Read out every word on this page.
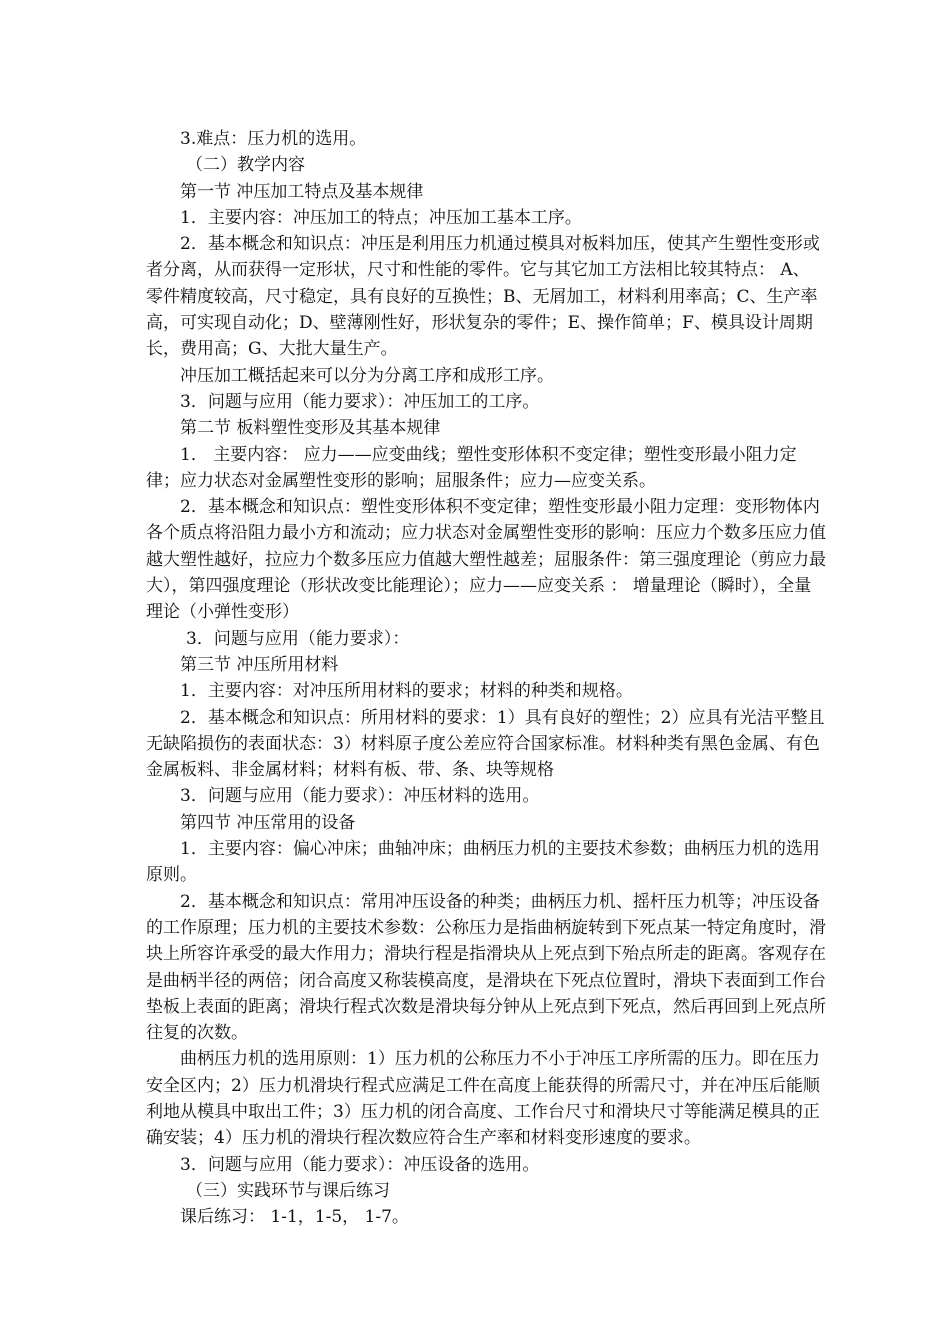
3.难点：压力机的选用。

（二）教学内容

第一节 冲压加工特点及基本规律

1．主要内容：冲压加工的特点；冲压加工基本工序。

2．基本概念和知识点：冲压是利用压力机通过模具对板料加压，使其产生塑性变形或者分离，从而获得一定形状，尺寸和性能的零件。它与其它加工方法相比较其特点： A、零件精度较高，尺寸稳定，具有良好的互换性；B、无屑加工，材料利用率高；C、生产率高，可实现自动化；D、壁薄刚性好，形状复杂的零件；E、操作简单；F、模具设计周期长，费用高；G、大批大量生产。

冲压加工概括起来可以分为分离工序和成形工序。

3．问题与应用（能力要求）：冲压加工的工序。

第二节 板料塑性变形及其基本规律

1． 主要内容： 应力——应变曲线；塑性变形体积不变定律；塑性变形最小阻力定律；应力状态对金属塑性变形的影响；屈服条件；应力—应变关系。

2．基本概念和知识点：塑性变形体积不变定律；塑性变形最小阻力定理：变形物体内各个质点将沿阻力最小方和流动；应力状态对金属塑性变形的影响：压应力个数多压应力值越大塑性越好，拉应力个数多压应力值越大塑性越差；屈服条件：第三强度理论（剪应力最大），第四强度理论（形状改变比能理论）；应力——应变关系 ： 增量理论（瞬时），全量理论（小弹性变形）

3．问题与应用（能力要求）：

第三节 冲压所用材料

1．主要内容：对冲压所用材料的要求；材料的种类和规格。

2．基本概念和知识点：所用材料的要求：1）具有良好的塑性；2）应具有光洁平整且无缺陷损伤的表面状态：3）材料原子度公差应符合国家标准。材料种类有黑色金属、有色金属板料、非金属材料；材料有板、带、条、块等规格

3．问题与应用（能力要求）：冲压材料的选用。

第四节 冲压常用的设备

1．主要内容：偏心冲床；曲轴冲床；曲柄压力机的主要技术参数；曲柄压力机的选用原则。

2．基本概念和知识点：常用冲压设备的种类；曲柄压力机、摇杆压力机等；冲压设备的工作原理；压力机的主要技术参数：公称压力是指曲柄旋转到下死点某一特定角度时，滑块上所容许承受的最大作用力；滑块行程是指滑块从上死点到下殆点所走的距离。客观存在是曲柄半径的两倍；闭合高度又称装模高度，是滑块在下死点位置时，滑块下表面到工作台垫板上表面的距离；滑块行程式次数是滑块每分钟从上死点到下死点，然后再回到上死点所往复的次数。

曲柄压力机的选用原则：1）压力机的公称压力不小于冲压工序所需的压力。即在压力安全区内；2）压力机滑块行程式应满足工件在高度上能获得的所需尺寸，并在冲压后能顺利地从模具中取出工件；3）压力机的闭合高度、工作台尺寸和滑块尺寸等能满足模具的正确安装；4）压力机的滑块行程次数应符合生产率和材料变形速度的要求。

3．问题与应用（能力要求）：冲压设备的选用。

（三）实践环节与课后练习

课后练习： 1-1，1-5， 1-7。
